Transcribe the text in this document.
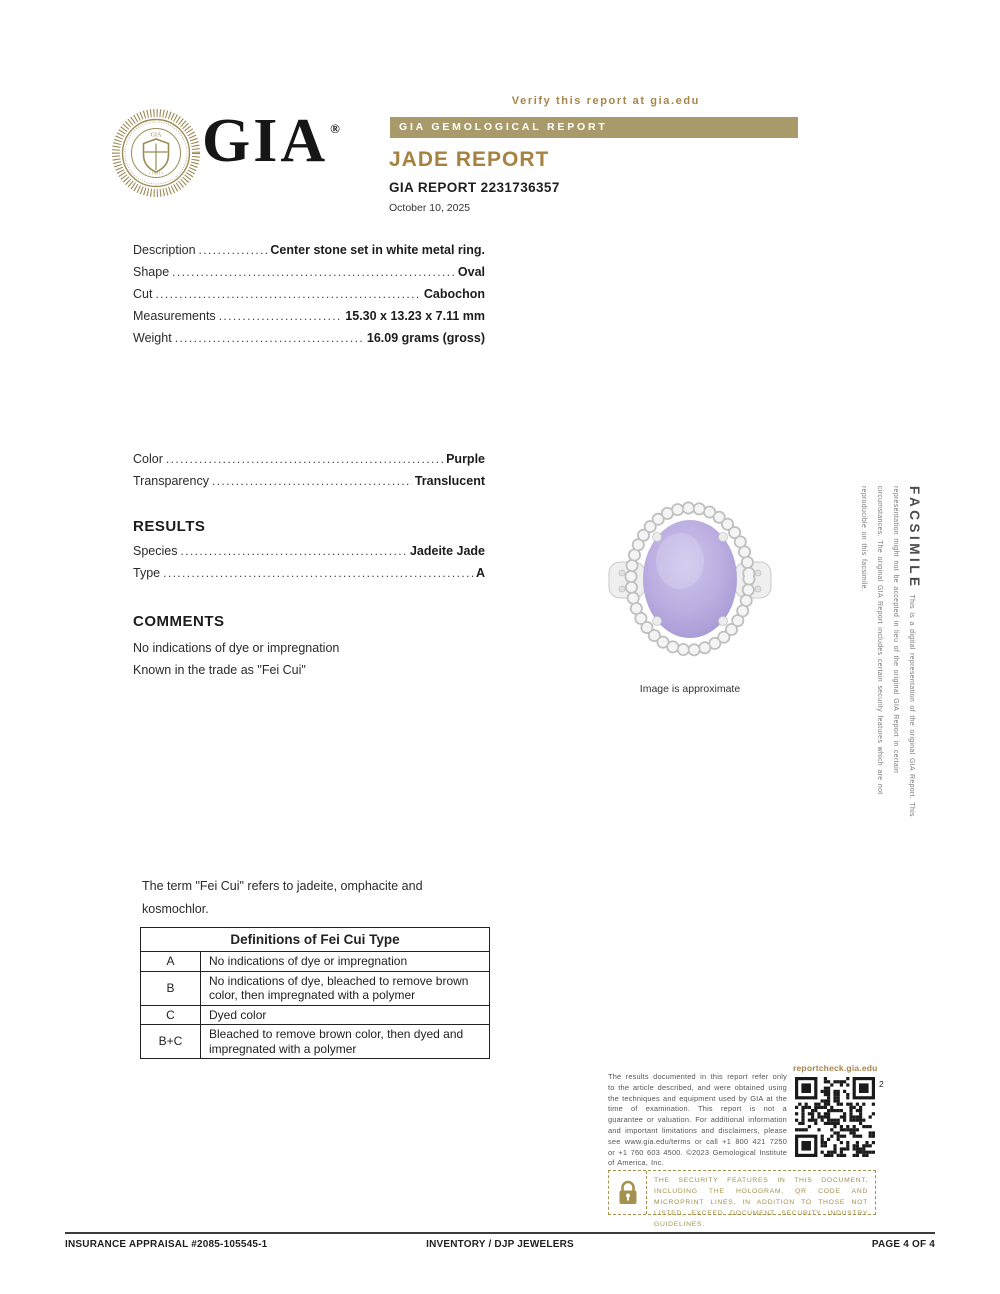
GIA
• 1931 • GIA ®
Verify this report at gia.edu
GIA GEMOLOGICAL REPORT
JADE REPORT
GIA REPORT 2231736357
October 10, 2025
Description .....	Center stone set in white metal ring.
Shape .....	Oval
Cut .....	Cabochon
Measurements .....	15.30 x 13.23 x 7.11 mm
Weight .....	16.09 grams (gross)
Color .....	Purple
Transparency .....	Translucent
RESULTS
Species .....	Jadeite Jade
Type .....	A
COMMENTS
No indications of dye or impregnation
Known in the trade as "Fei Cui"
Image is approximate
FACSIMILEThis is a digital representation of the original GIA Report. This representation might not be accepted in lieu of the original GIA Report in certain circumstances. The original GIA Report includes certain security features which are not reproducible on this facsimile.
The term "Fei Cui" refers to jadeite, omphacite and
kosmochlor.
Definitions of Fei Cui Type	
A	No indications of dye or impregnation
B	No indications of dye, bleached to remove brown color, then impregnated with a polymer
C	Dyed color
B+C	Bleached to remove brown color, then dyed and impregnated with a polymer
The results documented in this report refer only to the article described, and were obtained using the techniques and equipment used by GIA at the time of examination. This report is not a guarantee or valuation. For additional information and important limitations and disclaimers, please see www.gia.edu/terms or call +1 800 421 7250 or +1 760 603 4500. ©2023 Gemological Institute of America, Inc.
reportcheck.gia.edu
2
THE SECURITY FEATURES IN THIS DOCUMENT, INCLUDING THE HOLOGRAM, QR CODE AND MICROPRINT LINES, IN ADDITION TO THOSE NOT LISTED, EXCEED DOCUMENT SECURITY INDUSTRY GUIDELINES.
INSURANCE APPRAISAL #2085-105545-1	INVENTORY / DJP JEWELERS	PAGE 4 OF 4
